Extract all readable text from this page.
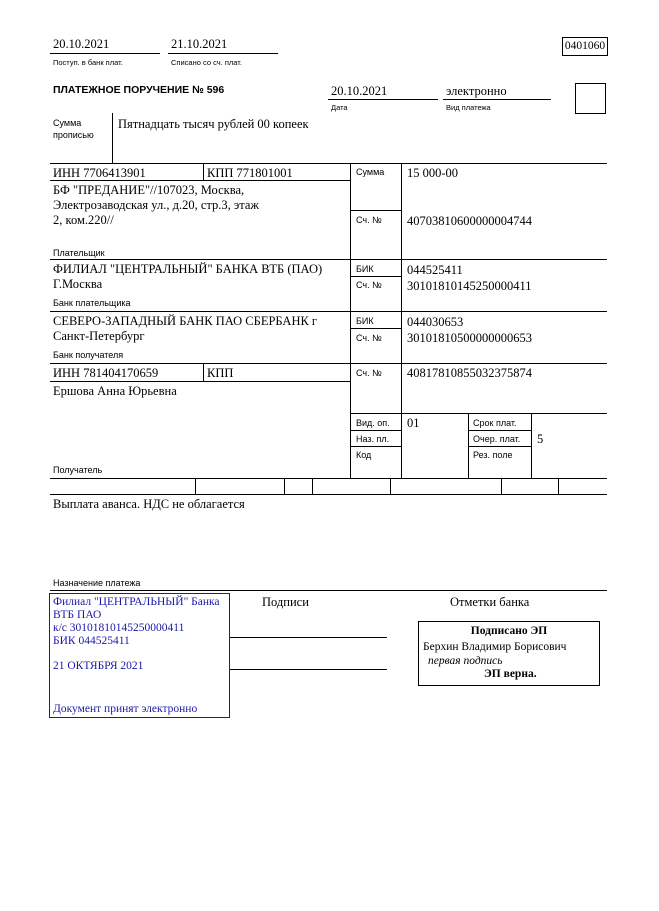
20.10.2021
Поступ. в банк плат.
21.10.2021
Списано со сч. плат.
0401060
ПЛАТЕЖНОЕ ПОРУЧЕНИЕ № 596	20.10.2021
Дата
электронно
Вид платежа
Сумма
прописью
Пятнадцать тысяч рублей 00 копеек
ИНН 7706413901	КПП 771801001
БФ "ПРЕДАНИЕ"//107023, Москва,
Электрозаводская ул., д.20, стр.3, этаж
2, ком.220//
Плательщик
Сумма 15 000-00
Сч. № 40703810600000004744
ФИЛИАЛ "ЦЕНТРАЛЬНЫЙ" БАНКА ВТБ (ПАО)
Г.Москва
Банк плательщика
БИК	044525411
Сч. № 30101810145250000411
СЕВЕРО-ЗАПАДНЫЙ БАНК ПАО СБЕРБАНК г
Санкт-Петербург
Банк получателя
БИК	044030653
Сч. № 30101810500000000653
ИНН 781404170659	КПП
Ершова Анна Юрьевна
Получатель
Сч. № 40817810855032375874
Вид. оп. 01
Наз. пл.
Код
Срок плат.
Очер. плат. 5
Рез. поле
Выплата аванса. НДС не облагается
Назначение платежа
Подписи	Отметки банка
Филиал "ЦЕНТРАЛЬНЫЙ" Банка
ВТБ ПАО
к/с 30101810145250000411
БИК 044525411
21 ОКТЯБРЯ 2021
Документ принят электронно
Подписано ЭП
Берхин Владимир Борисович
первая подпись
ЭП верна.
